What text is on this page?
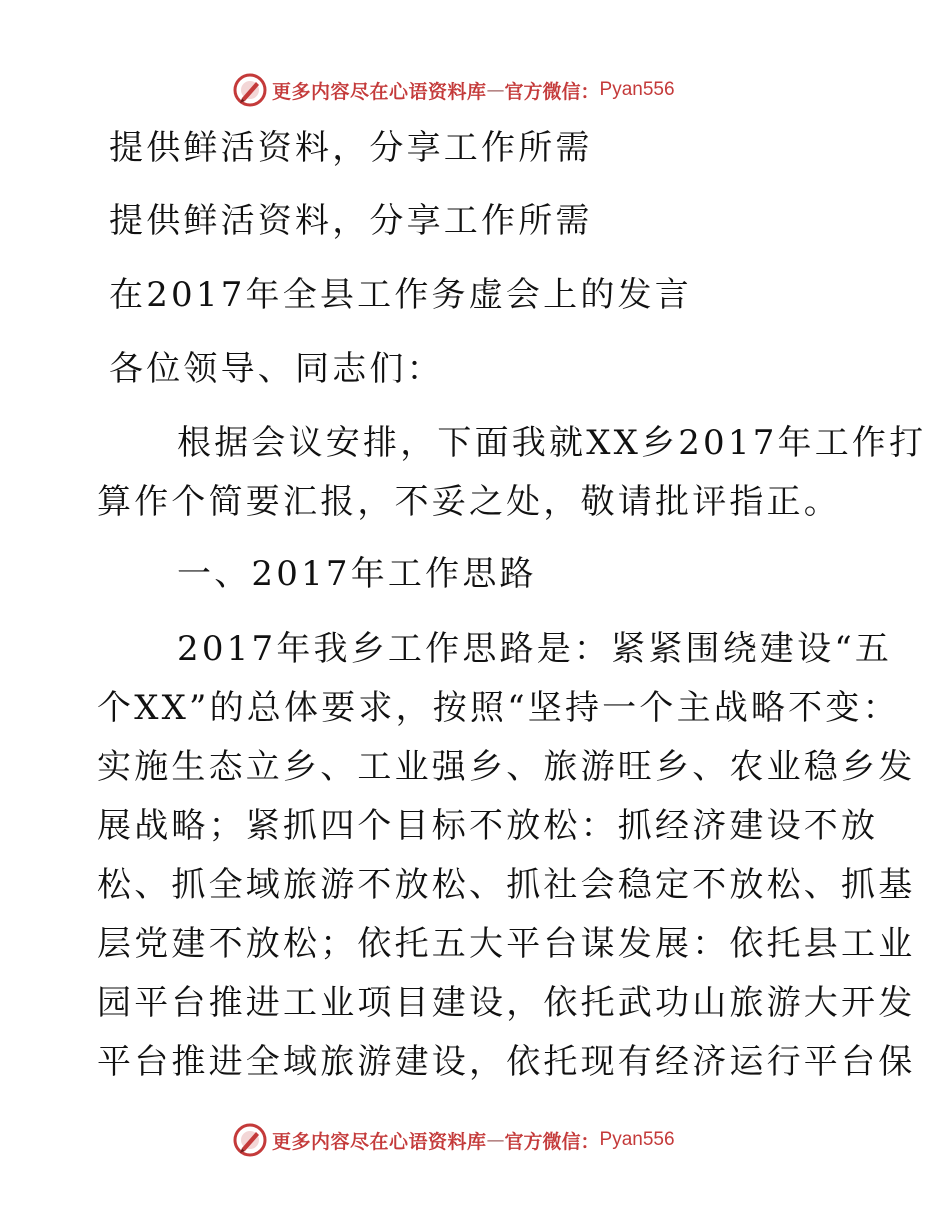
更多内容尽在心语资料库 — 官方微信： Pyan556
提供鲜活资料，分享工作所需
提供鲜活资料，分享工作所需
在2017年全县工作务虚会上的发言
各位领导、同志们：
根据会议安排，下面我就XX乡2017年工作打
算作个简要汇报，不妥之处，敬请批评指正。
一、2017年工作思路
2017年我乡工作思路是：紧紧围绕建设“五
个XX”的总体要求，按照“坚持一个主战略不变：
实施生态立乡、工业强乡、旅游旺乡、农业稳乡发
展战略；紧抓四个目标不放松：抓经济建设不放
松、抓全域旅游不放松、抓社会稳定不放松、抓基
层党建不放松；依托五大平台谋发展：依托县工业
园平台推进工业项目建设，依托武功山旅游大开发
平台推进全域旅游建设，依托现有经济运行平台保
更多内容尽在心语资料库 — 官方微信： Pyan556
